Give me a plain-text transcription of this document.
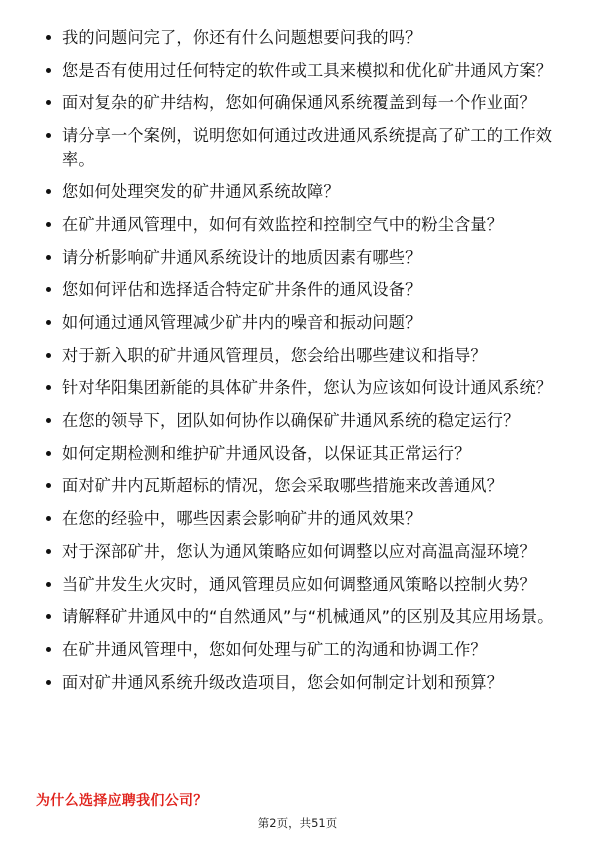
我的问题问完了，你还有什么问题想要问我的吗？
您是否有使用过任何特定的软件或工具来模拟和优化矿井通风方案？
面对复杂的矿井结构，您如何确保通风系统覆盖到每一个作业面？
请分享一个案例，说明您如何通过改进通风系统提高了矿工的工作效率。
您如何处理突发的矿井通风系统故障？
在矿井通风管理中，如何有效监控和控制空气中的粉尘含量？
请分析影响矿井通风系统设计的地质因素有哪些？
您如何评估和选择适合特定矿井条件的通风设备？
如何通过通风管理减少矿井内的噪音和振动问题？
对于新入职的矿井通风管理员，您会给出哪些建议和指导？
针对华阳集团新能的具体矿井条件，您认为应该如何设计通风系统？
在您的领导下，团队如何协作以确保矿井通风系统的稳定运行？
如何定期检测和维护矿井通风设备，以保证其正常运行？
面对矿井内瓦斯超标的情况，您会采取哪些措施来改善通风？
在您的经验中，哪些因素会影响矿井的通风效果？
对于深部矿井，您认为通风策略应如何调整以应对高温高湿环境？
当矿井发生火灾时，通风管理员应如何调整通风策略以控制火势？
请解释矿井通风中的“自然通风”与“机械通风”的区别及其应用场景。
在矿井通风管理中，您如何处理与矿工的沟通和协调工作？
面对矿井通风系统升级改造项目，您会如何制定计划和预算？
为什么选择应聘我们公司？
第2页，共51页
